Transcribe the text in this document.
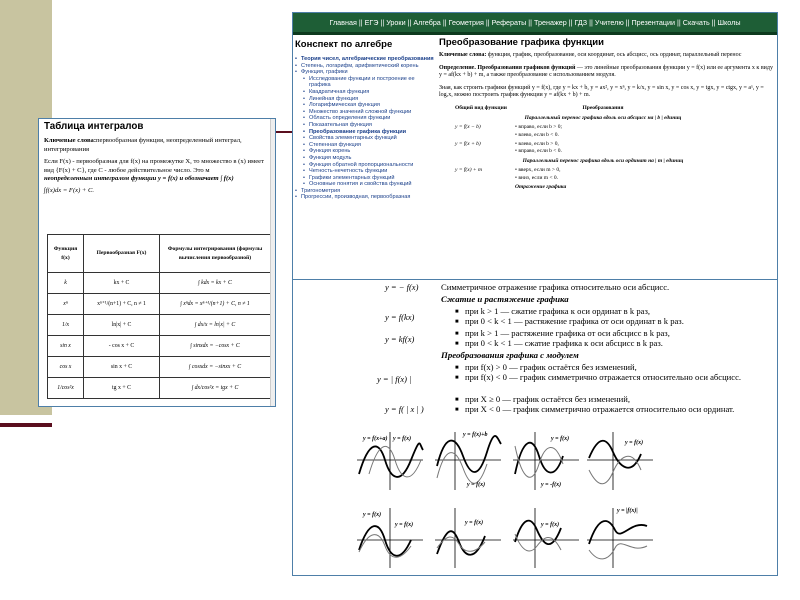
Главная || ЕГЭ || Уроки || Алгебра || Геометрия || Рефераты || Тренажер || ГДЗ || Учителю || Презентации || Скачать || Школы
Конспект по алгебре
• Теория чисел, алгебраические преобразования
• Степень, логарифм, арифметический корень
• Функция, графики
• Исследование функции и построение ее графика
• Квадратичная функция
• Линейная функция
• Логарифмическая функция
• Множество значений сложной функции
• Область определения функции
• Показательная функция
• Преобразование графика функции
• Свойства элементарных функций
• Степенная функция
• Функция корень
• Функция модуль
• Функция обратной пропорциональности
• Четность-нечетность функции
• Графики элементарных функций
• Основные понятия и свойства функций
• Тригонометрия
• Прогрессии, производная, первообразная
Преобразование графика функции

Ключевые слова: функция, график, преобразование, оси координат, ось абсцисс, ось ординат, параллельный перенос

Определение. Преобразования графиков функций — это линейные преобразования функции y = f(x) или ее аргумента x к виду y = af(kx + b) + m, а также преобразование с использованием модуля.

Зная, как строить графики функций y = f(x), где y = kx + b, y = ax², y = xⁿ, y = k/x, y = sin x, y = cos x, y = tgx, y = ctgx, y = aˣ, y = logₐx, можно построить график функции y = af(kx + b) + m.

Общий вид функции	Преобразования
	Параллельный перенос графика вдоль оси абсцисс на | b | единиц
y = f(x − b)	• вправо, если b > 0;
• влево, если b < 0.
y = f(x + b)	• влево, если b > 0,
• вправо, если b < 0.
	Параллельный перенос графика вдоль оси ординат на | m | единиц
y = f(x) + m	• вверх, если m > 0,
• вниз, если m < 0.
	Отражение графика
y = − f(x)	Симметричное отражение графика относительно оси абсцисс.
Сжатие и растяжение графика
y = f(kx)
■ при k > 1 — сжатие графика к оси ординат в k раз,
■ при 0 < k < 1 — растяжение графика от оси ординат в k раз.
y = kf(x)
■ при k > 1 — растяжение графика от оси абсцисс в k раз,
■ при 0 < k < 1 — сжатие графика к оси абсцисс в k раз.
Преобразования графика с модулем
y = | f(x) |
■ при f(x) > 0 — график остаётся без изменений,
■ при f(x) < 0 — график симметрично отражается относительно оси абсцисс.
y = f( | x | )
■ при X ≥ 0 — график остаётся без изменений,
■ при X < 0 — график симметрично отражается относительно оси ординат.
y = f(x+a) y = f(x)
y = f(x)+b
y = f(x)
y = f(x)
y = -f(x)
y = f(x)
y = f(x)
y = f(x)	y = f(x)	y = f(x)
y = |f(x)|
Таблица интегралов

Ключевые слова:первообразная функция, неопределенный интеграл, интегрирования

Если F(x) - первообразная для f(x) на промежутке X, то множество в (x) имеет вид {F(x) + C}, где C - любое действительное число. Это м
неопределенным интегралом функции y = f(x) и обозначает ∫ f(x)

∫f(x)dx = F(x) + C.

Функция f(x)	Первообразная F(x)	Формулы интегрирования (формулы вычисления первообразной)
k	kx + C	∫ kdx = kx + C
xⁿ	xⁿ⁺¹/(n+1) + C, n ≠ 1	∫ xⁿdx = xⁿ⁺¹/(n+1) + C, n ≠ 1
1/x	ln|x| + C	∫ dx/x = ln|x| + C
sin x	- cos x + C	∫ sinxdx = −cosx + C
cos x	sin x + C	∫ cosxdx = −sinxx + C
1/cos²x	tg x + C	∫ dx/cos²x = tgx + C
